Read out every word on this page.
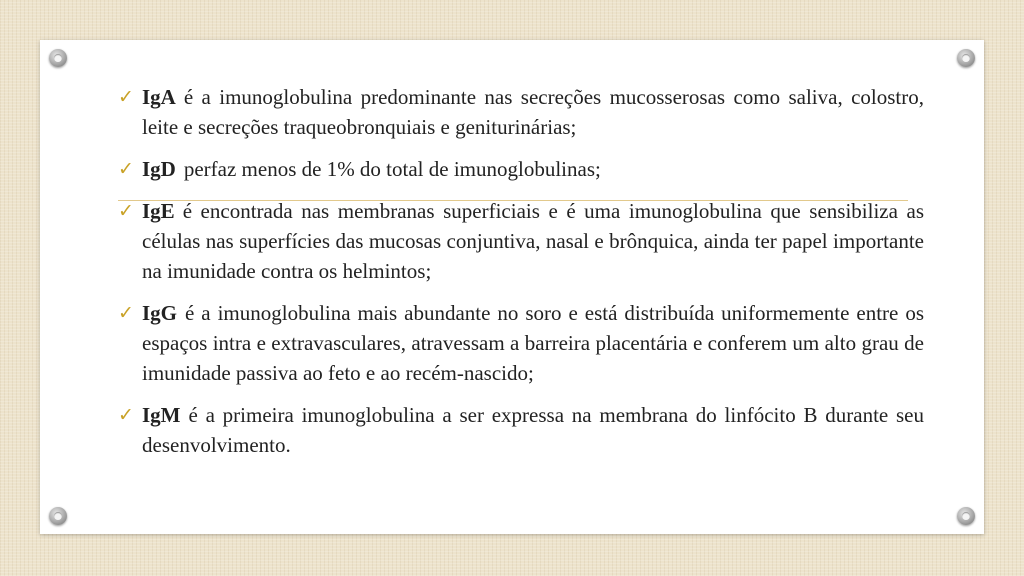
✓ IgA é a imunoglobulina predominante nas secreções mucosserosas como saliva, colostro, leite e secreções traqueobronquiais e geniturinárias;
✓ IgD perfaz menos de 1% do total de imunoglobulinas;
✓ IgE é encontrada nas membranas superficiais e é uma imunoglobulina que sensibiliza as células nas superfícies das mucosas conjuntiva, nasal e brônquica, ainda ter papel importante na imunidade contra os helmintos;
✓ IgG é a imunoglobulina mais abundante no soro e está distribuída uniformemente entre os espaços intra e extravasculares, atravessam a barreira placentária e conferem um alto grau de imunidade passiva ao feto e ao recém-nascido;
✓ IgM é a primeira imunoglobulina a ser expressa na membrana do linfócito B durante seu desenvolvimento.
